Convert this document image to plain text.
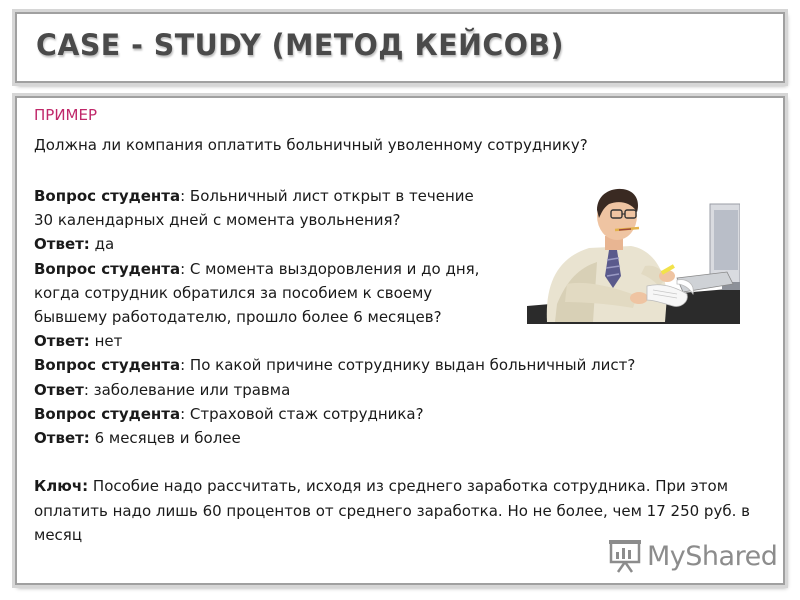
CASE - STUDY (МЕТОД КЕЙСОВ)
ПРИМЕР
Должна ли компания оплатить больничный уволенному сотруднику?
Вопрос студента: Больничный лист открыт в течение
30 календарных дней с момента увольнения?
Ответ: да
Вопрос студента: С момента выздоровления и до дня,
когда сотрудник обратился за пособием к своему
бывшему работодателю, прошло более 6 месяцев?
Ответ: нет
Вопрос студента: По какой причине сотруднику выдан больничный лист?
Ответ: заболевание или травма
Вопрос студента: Страховой стаж сотрудника?
Ответ: 6 месяцев и более
Ключ: Пособие надо рассчитать, исходя из среднего заработка сотрудника. При этом оплатить надо лишь 60 процентов от среднего заработка. Но не более, чем 17 250 руб. в месяц
MyShared
